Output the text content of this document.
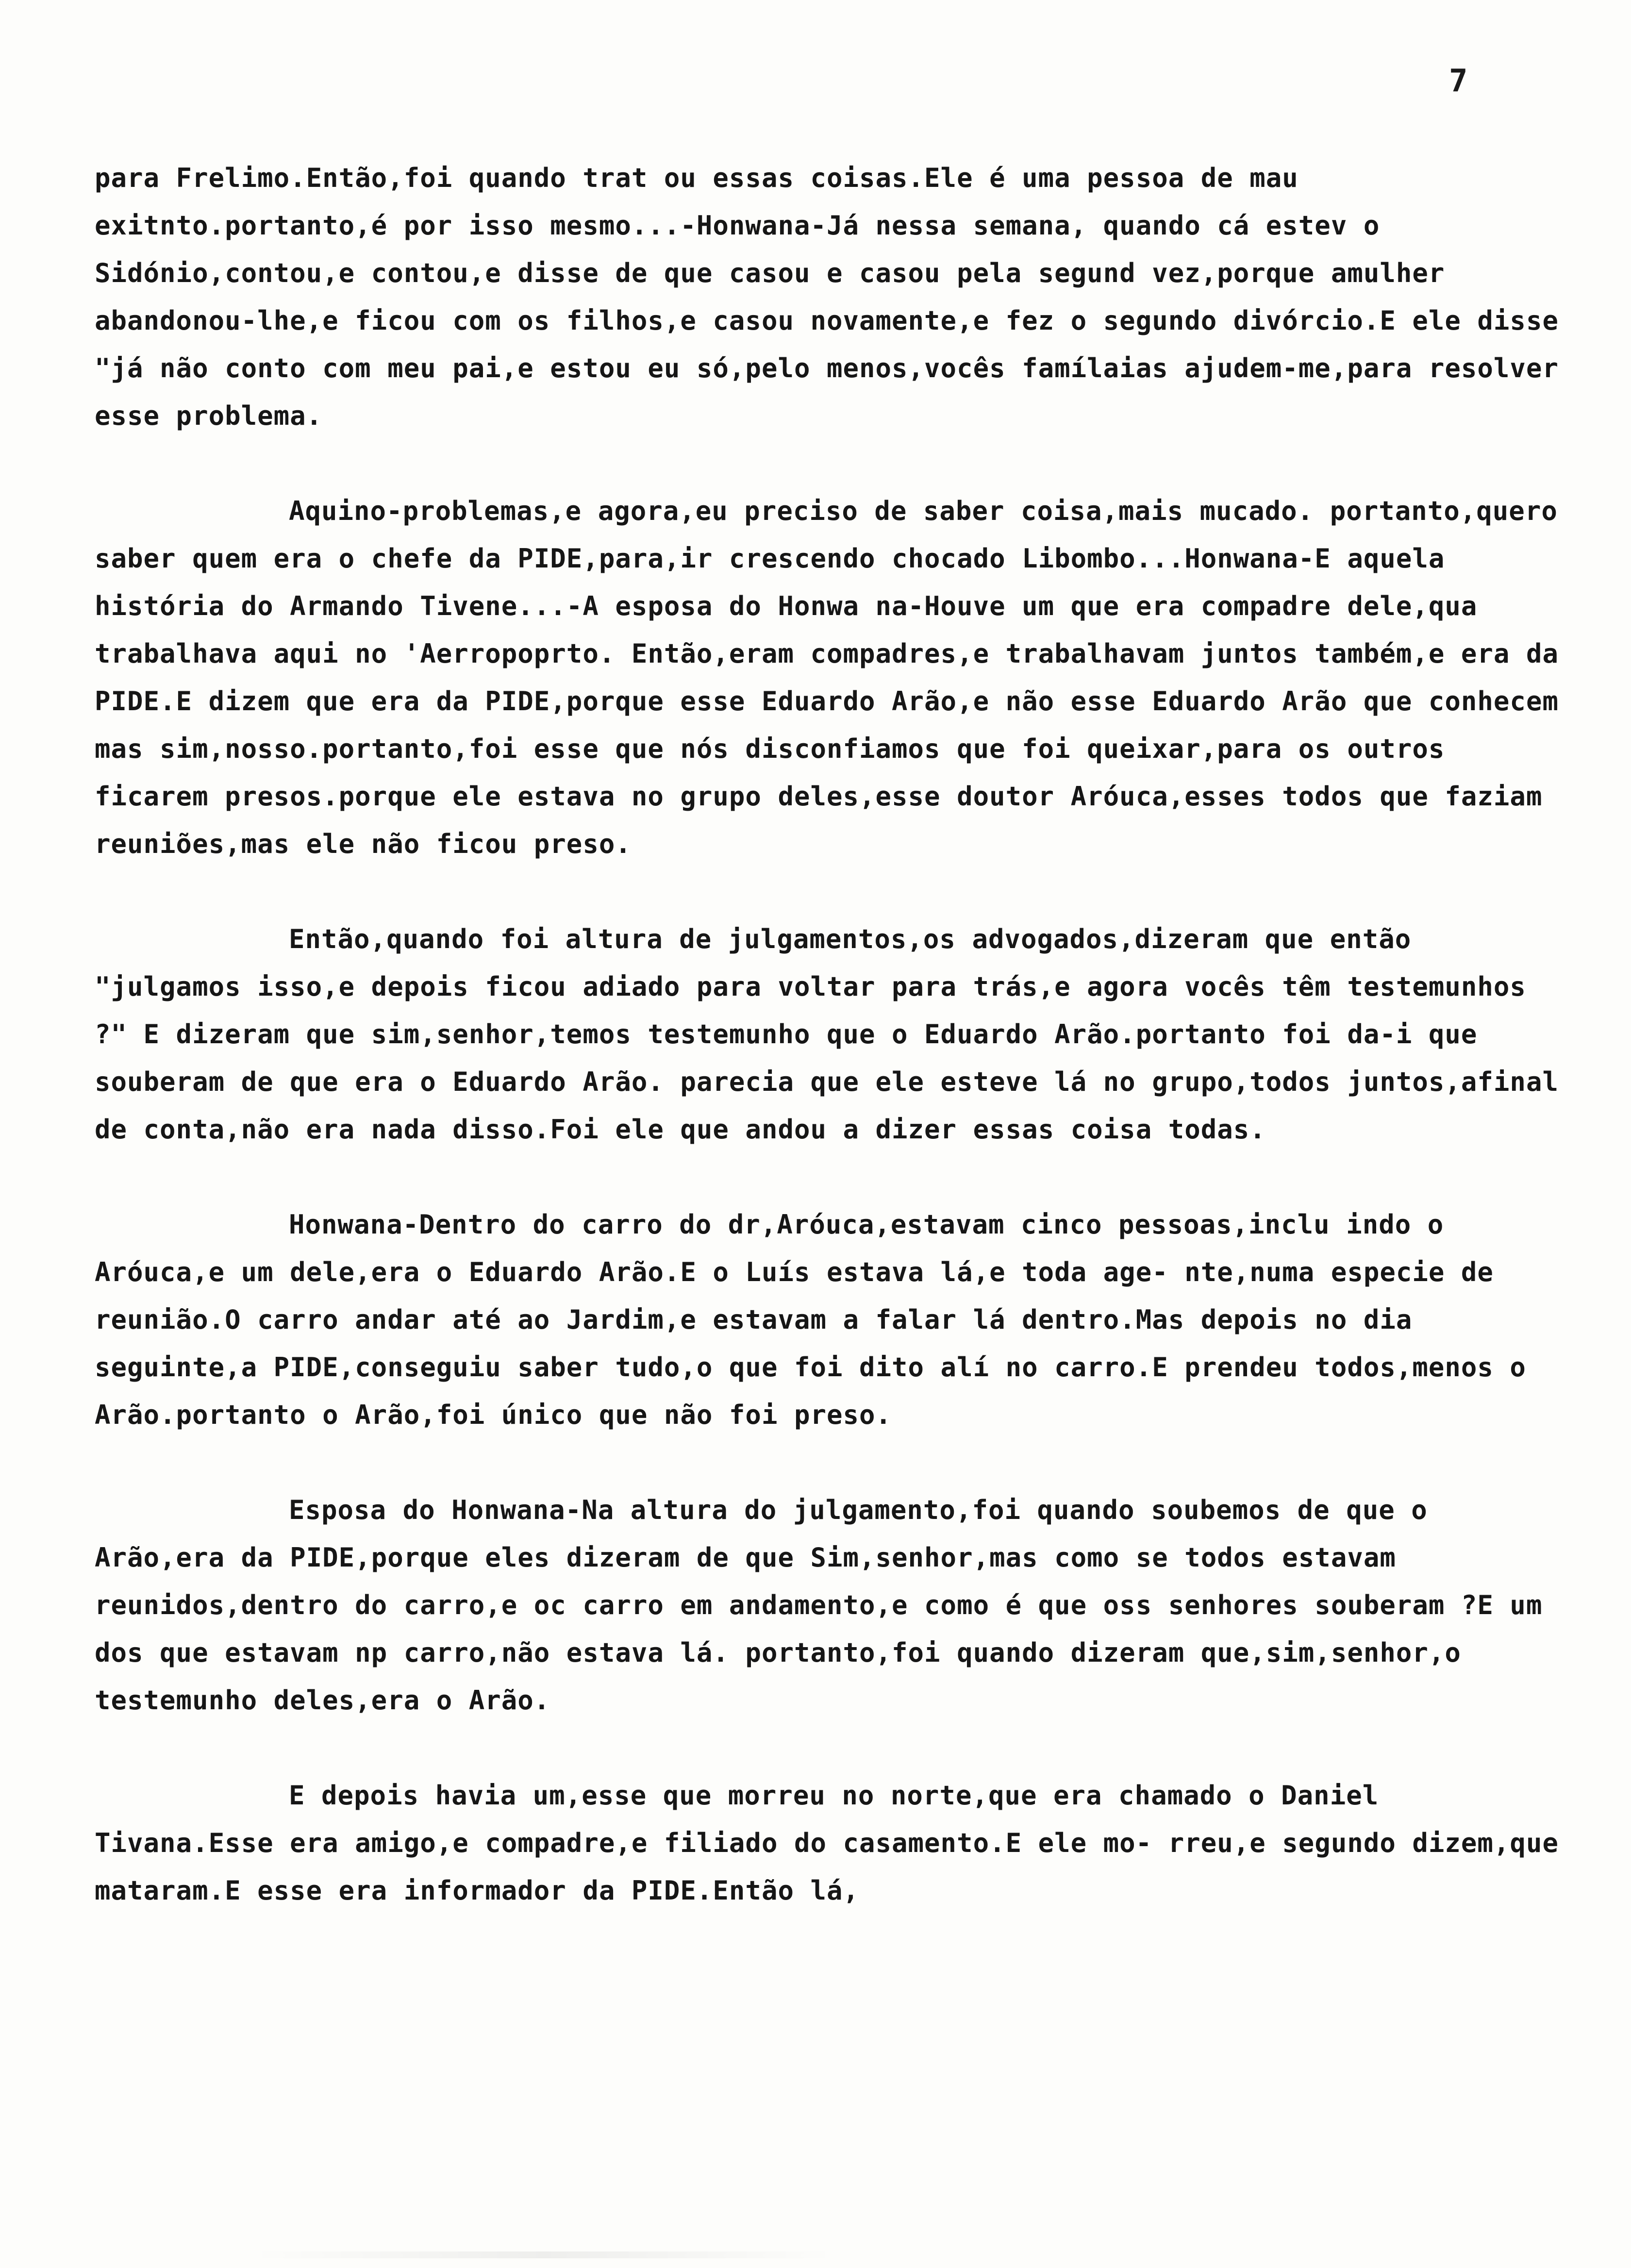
7

para Frelimo.Então,foi quando trat ou essas coisas.Ele é uma pessoa de mau exitnto.portanto,é por isso mesmo...-Honwana-Já nessa semana, quando cá estev o Sidónio,contou,e contou,e disse de que casou e casou pela segund vez,porque amulher abandonou-lhe,e ficou com os filhos,e casou novamente,e fez o segundo divórcio.E ele disse "já não conto com meu pai,e estou eu só,pelo menos,vocês famílaias ajudem-me,para resolver esse problema.

Aquino-problemas,e agora,eu preciso de saber coisa,mais mucado. portanto,quero saber quem era o chefe da PIDE,para,ir crescendo chocado Libombo...Honwana-E aquela história do Armando Tivene...-A esposa do Honwa na-Houve um que era compadre dele,qua trabalhava aqui no 'Aerropoprto. Então,eram compadres,e trabalhavam juntos também,e era da PIDE.E dizem que era da PIDE,porque esse Eduardo Arão,e não esse Eduardo Arão que conhecem mas sim,nosso.portanto,foi esse que nós disconfiamos que foi queixar,para os outros ficarem presos.porque ele estava no grupo deles,esse doutor Aróuca,esses todos que faziam reuniões,mas ele não ficou preso.

Então,quando foi altura de julgamentos,os advogados,dizeram que então "julgamos isso,e depois ficou adiado para voltar para trás,e agora vocês têm testemunhos ?" E dizeram que sim,senhor,temos testemunho que o Eduardo Arão.portanto foi da-i que souberam de que era o Eduardo Arão. parecia que ele esteve lá no grupo,todos juntos,afinal de conta,não era nada disso.Foi ele que andou a dizer essas coisa todas.

Honwana-Dentro do carro do dr,Aróuca,estavam cinco pessoas,inclu indo o Aróuca,e um dele,era o Eduardo Arão.E o Luís estava lá,e toda age- nte,numa especie de reunião.O carro andar até ao Jardim,e estavam a falar lá dentro.Mas depois no dia seguinte,a PIDE,conseguiu saber tudo,o que foi dito alí no carro.E prendeu todos,menos o Arão.portanto o Arão,foi único que não foi preso.

Esposa do Honwana-Na altura do julgamento,foi quando soubemos de que o Arão,era da PIDE,porque eles dizeram de que Sim,senhor,mas como se todos estavam reunidos,dentro do carro,e oc carro em andamento,e como é que oss senhores souberam ?E um dos que estavam np carro,não estava lá. portanto,foi quando dizeram que,sim,senhor,o testemunho deles,era o Arão.

E depois havia um,esse que morreu no norte,que era chamado o Daniel Tivana.Esse era amigo,e compadre,e filiado do casamento.E ele mo- rreu,e segundo dizem,que mataram.E esse era informador da PIDE.Então lá,
